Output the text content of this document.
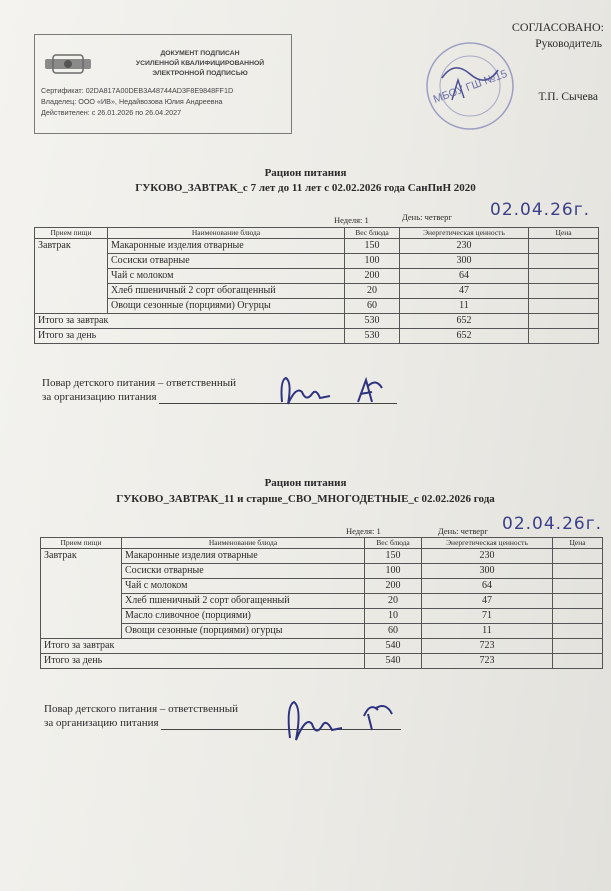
ДОКУМЕНТ ПОДПИСАН
УСИЛЕННОЙ КВАЛИФИЦИРОВАННОЙ
ЭЛЕКТРОННОЙ ПОДПИСЬЮ
Сертификат: 02DA817A00DEB3A48744AD3F8E9848FF1D
Владелец: ООО «ИВ», Недайвозова Юлия Андреевна
Действителен: с 26.01.2026 по 26.04.2027
МБОУ ГШ №15
СОГЛАСОВАНО:
Руководитель
Т.П. Сычева
Рацион питания
ГУКОВО_ЗАВТРАК_с 7 лет до 11 лет с 02.02.2026 года СанПиН 2020
Неделя: 1	День: четверг 02.04.26г.
Прием пищи	Наименование блюда	Вес блюда	Энергетическая ценность	Цена
Завтрак	Макаронные изделия отварные	150	230	
	Сосиски отварные	100	300	
	Чай с молоком	200	64	
	Хлеб пшеничный 2 сорт обогащенный	20	47	
	Овощи сезонные (порциями) Огурцы	60	11	
Итого за завтрак		530	652	
Итого за день		530	652	
Повар детского питания – ответственный
за организацию питания
Рацион питания
ГУКОВО_ЗАВТРАК_11 и старше_СВО_МНОГОДЕТНЫЕ_с 02.02.2026 года
Неделя: 1	День: четверг 02.04.26г.
Прием пищи	Наименование блюда	Вес блюда	Энергетическая ценность	Цена
Завтрак	Макаронные изделия отварные	150	230	
	Сосиски отварные	100	300	
	Чай с молоком	200	64	
	Хлеб пшеничный 2 сорт обогащенный	20	47	
	Масло сливочное (порциями)	10	71	
	Овощи сезонные (порциями) огурцы	60	11	
Итого за завтрак		540	723	
Итого за день		540	723	
Повар детского питания – ответственный
за организацию питания
